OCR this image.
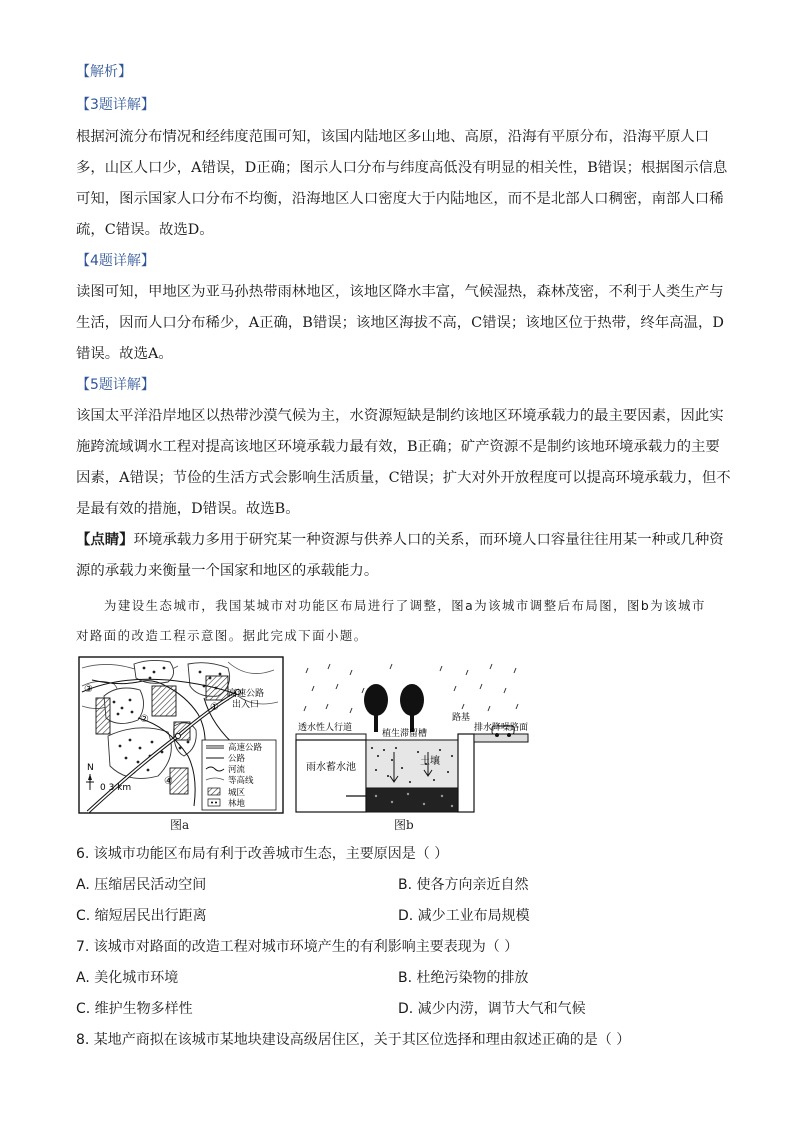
【解析】
【3题详解】
根据河流分布情况和经纬度范围可知，该国内陆地区多山地、高原，沿海有平原分布，沿海平原人口
多，山区人口少，A错误，D正确；图示人口分布与纬度高低没有明显的相关性，B错误；根据图示信息
可知，图示国家人口分布不均衡，沿海地区人口密度大于内陆地区，而不是北部人口稠密，南部人口稀
疏，C错误。故选D。
【4题详解】
读图可知，甲地区为亚马孙热带雨林地区，该地区降水丰富，气候湿热，森林茂密，不利于人类生产与
生活，因而人口分布稀少，A正确，B错误；该地区海拔不高，C错误；该地区位于热带，终年高温，D
错误。故选A。
【5题详解】
该国太平洋沿岸地区以热带沙漠气候为主，水资源短缺是制约该地区环境承载力的最主要因素，因此实
施跨流域调水工程对提高该地区环境承载力最有效，B正确；矿产资源不是制约该地环境承载力的主要
因素，A错误；节俭的生活方式会影响生活质量，C错误；扩大对外开放程度可以提高环境承载力，但不
是最有效的措施，D错误。故选B。
【点睛】环境承载力多用于研究某一种资源与供养人口的关系，而环境人口容量往往用某一种或几种资
源的承载力来衡量一个国家和地区的承载能力。
为建设生态城市，我国某城市对功能区布局进行了调整，图a为该城市调整后布局图，图b为该城市
对路面的改造工程示意图。据此完成下面小题。
③
②
①
④
高速公路
出入口
N
0 3 km
高速公路
公路
河流
等高线
城区
林地
图a
透水性人行道
植生滞留槽
路基
排水降噪路面
雨水蓄水池
土壤
图b
6. 该城市功能区布局有利于改善城市生态，主要原因是（ ）
A. 压缩居民活动空间	B. 使各方向亲近自然
C. 缩短居民出行距离	D. 减少工业布局规模
7. 该城市对路面的改造工程对城市环境产生的有利影响主要表现为（ ）
A. 美化城市环境	B. 杜绝污染物的排放
C. 维护生物多样性	D. 减少内涝，调节大气和气候
8. 某地产商拟在该城市某地块建设高级居住区，关于其区位选择和理由叙述正确的是（ ）
